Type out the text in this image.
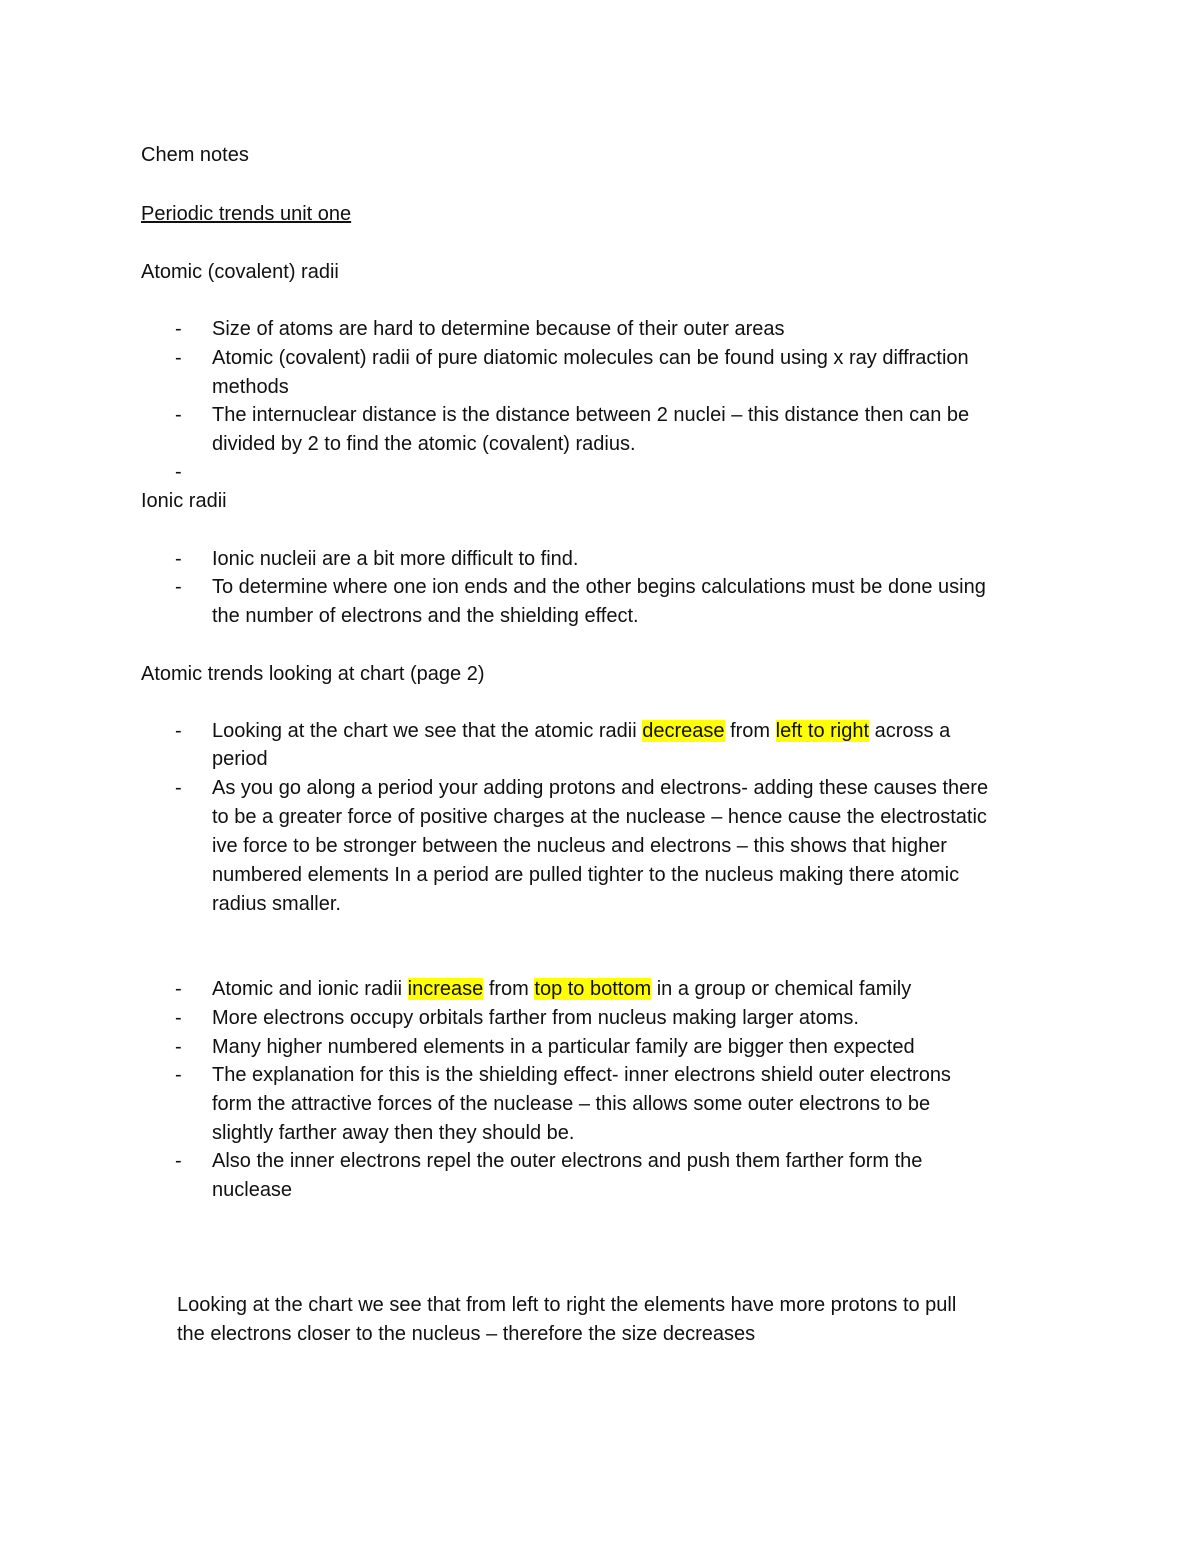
Chem notes
Periodic trends unit one
Atomic (covalent) radii
- Size of atoms are hard to determine because of their outer areas
- Atomic (covalent) radii of pure diatomic molecules can be found using x ray diffraction
methods
- The internuclear distance is the distance between 2 nuclei – this distance then can be
divided by 2 to find the atomic (covalent) radius.
-
Ionic radii
- Ionic nucleii are a bit more difficult to find.
- To determine where one ion ends and the other begins calculations must be done using
the number of electrons and the shielding effect.
Atomic trends looking at chart (page 2)
- Looking at the chart we see that the atomic radii decrease from left to right across a
period
- As you go along a period your adding protons and electrons- adding these causes there
to be a greater force of positive charges at the nuclease – hence cause the electrostatic
ive force to be stronger between the nucleus and electrons – this shows that higher
numbered elements In a period are pulled tighter to the nucleus making there atomic
radius smaller.
- Atomic and ionic radii increase from top to bottom in a group or chemical family
- More electrons occupy orbitals farther from nucleus making larger atoms.
- Many higher numbered elements in a particular family are bigger then expected
- The explanation for this is the shielding effect- inner electrons shield outer electrons
form the attractive forces of the nuclease – this allows some outer electrons to be
slightly farther away then they should be.
- Also the inner electrons repel the outer electrons and push them farther form the
nuclease
Looking at the chart we see that from left to right the elements have more protons to pull
the electrons closer to the nucleus – therefore the size decreases
